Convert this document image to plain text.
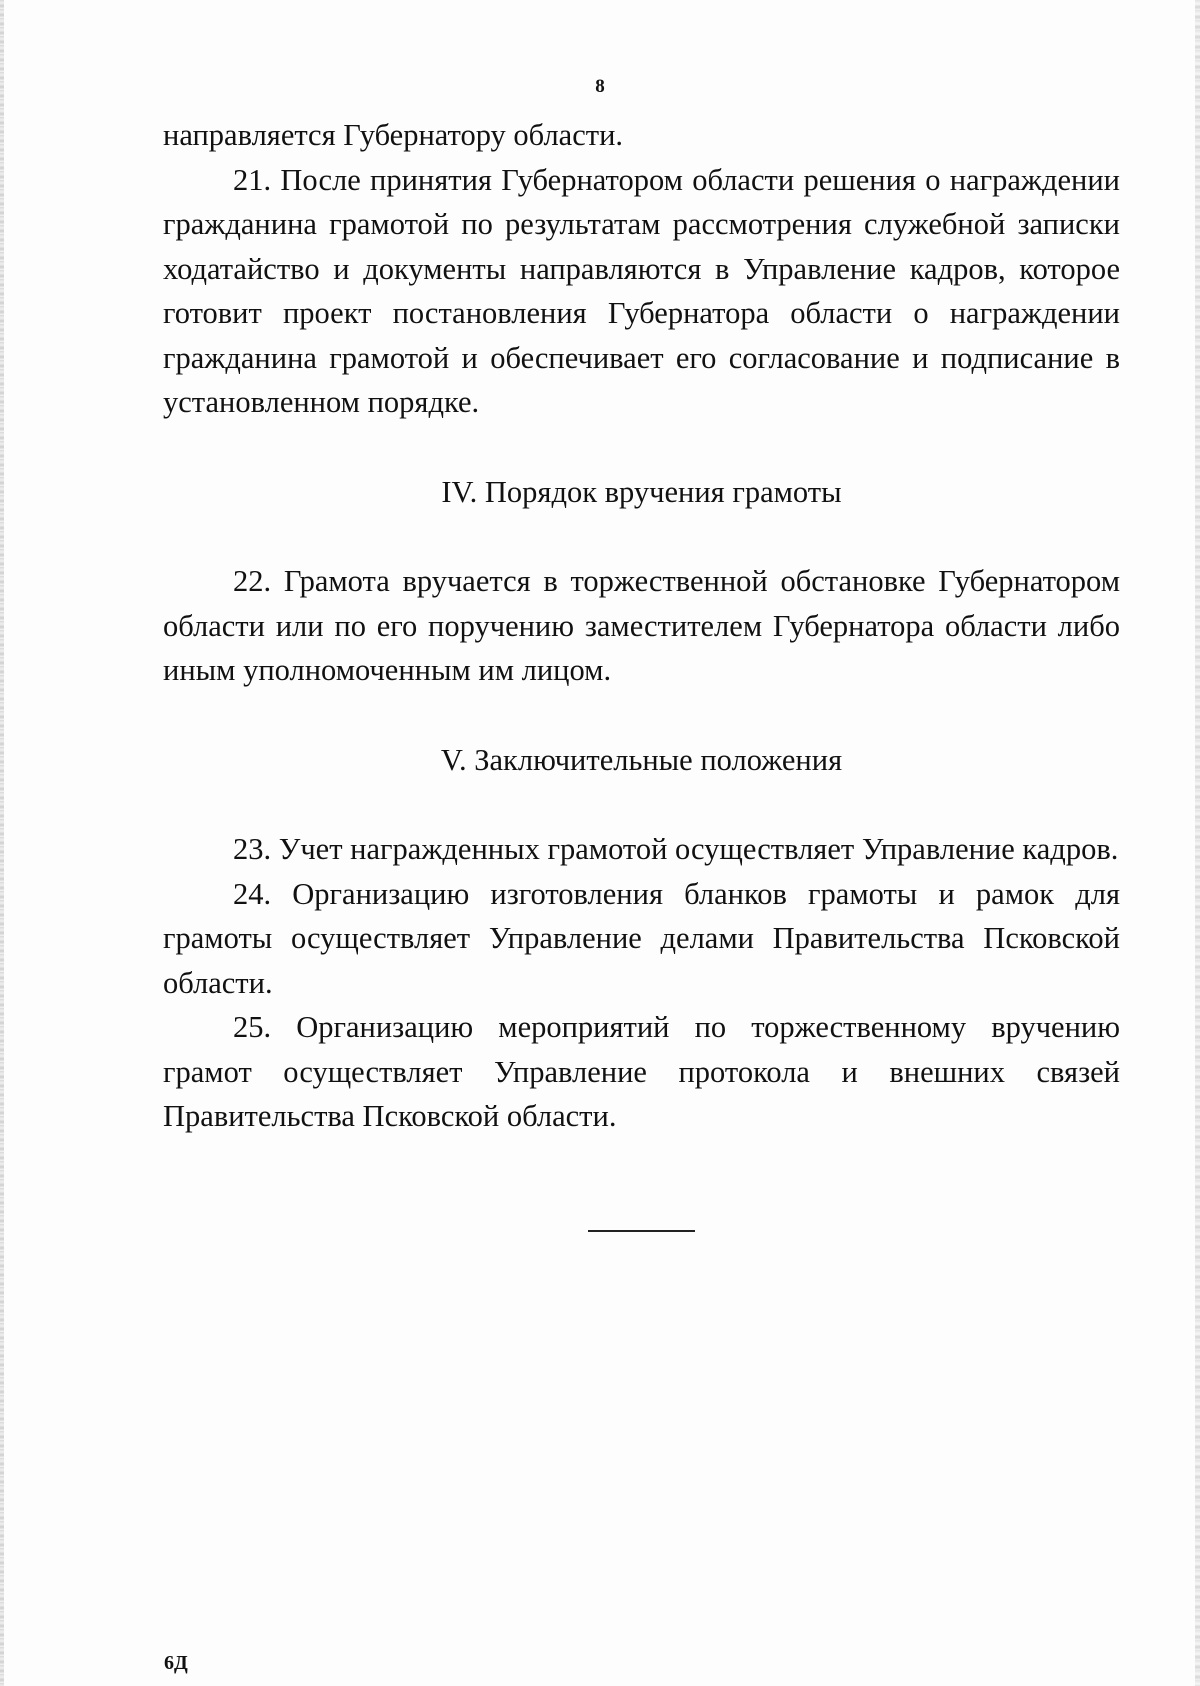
8

направляется Губернатору области.

21. После принятия Губернатором области решения о награждении гражданина грамотой по результатам рассмотрения служебной записки ходатайство и документы направляются в Управление кадров, которое готовит проект постановления Губернатора области о награждении гражданина грамотой и обеспечивает его согласование и подписание в установленном порядке.

IV. Порядок вручения грамоты

22. Грамота вручается в торжественной обстановке Губернатором области или по его поручению заместителем Губернатора области либо иным уполномоченным им лицом.

V. Заключительные положения

23. Учет награжденных грамотой осуществляет Управление кадров.

24. Организацию изготовления бланков грамоты и рамок для грамоты осуществляет Управление делами Правительства Псковской области.

25. Организацию мероприятий по торжественному вручению грамот осуществляет Управление протокола и внешних связей Правительства Псковской области.

6Д
